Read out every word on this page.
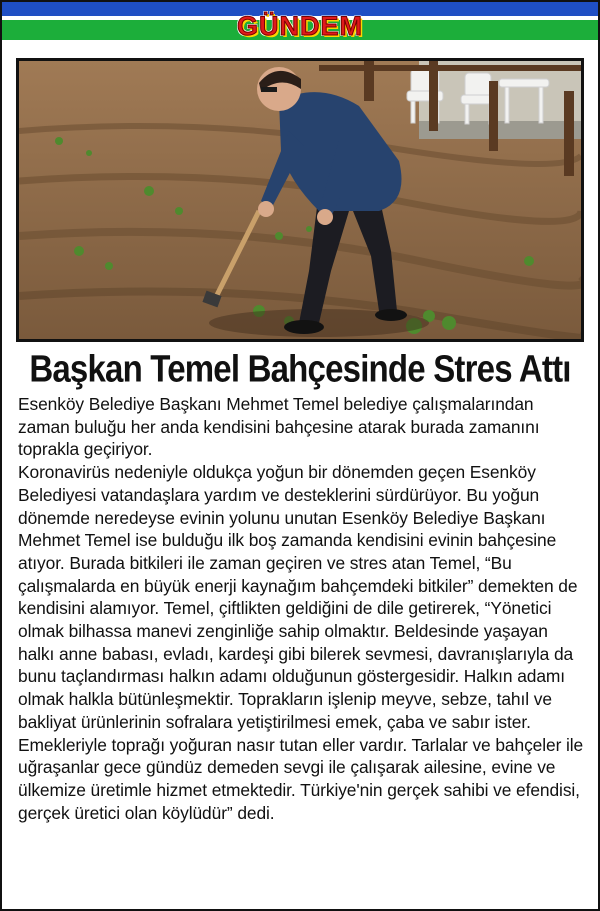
GÜNDEM
Başkan Temel Bahçesinde Stres Attı

Esenköy Belediye Başkanı Mehmet Temel belediye çalışmalarından zaman buluğu her anda kendisini bahçesine atarak burada zamanını toprakla geçiriyor.

Koronavirüs nedeniyle oldukça yoğun bir dönemden geçen Esenköy Belediyesi vatandaşlara yardım ve desteklerini sürdürüyor. Bu yoğun dönemde neredeyse evinin yolunu unutan Esenköy Belediye Başkanı Mehmet Temel ise bulduğu ilk boş zamanda kendisini evinin bahçesine atıyor. Burada bitkileri ile zaman geçiren ve stres atan Temel, “Bu çalışmalarda en büyük enerji kaynağım bahçemdeki bitkiler” demekten de kendisini alamıyor. Temel, çiftlikten geldiğini de dile getirerek, “Yönetici olmak bilhassa manevi zenginliğe sahip olmaktır. Beldesinde yaşayan halkı anne babası, evladı, kardeşi gibi bilerek sevmesi, davranışlarıyla da bunu taçlandırması halkın adamı olduğunun göstergesidir. Halkın adamı olmak halkla bütünleşmektir. Toprakların işlenip meyve, sebze, tahıl ve bakliyat ürünlerinin sofralara yetiştirilmesi emek, çaba ve sabır ister. Emekleriyle toprağı yoğuran nasır tutan eller vardır. Tarlalar ve bahçeler ile uğraşanlar gece gündüz demeden sevgi ile çalışarak ailesine, evine ve ülkemize üretimle hizmet etmektedir. Türkiye'nin gerçek sahibi ve efendisi, gerçek üretici olan köylüdür” dedi.
